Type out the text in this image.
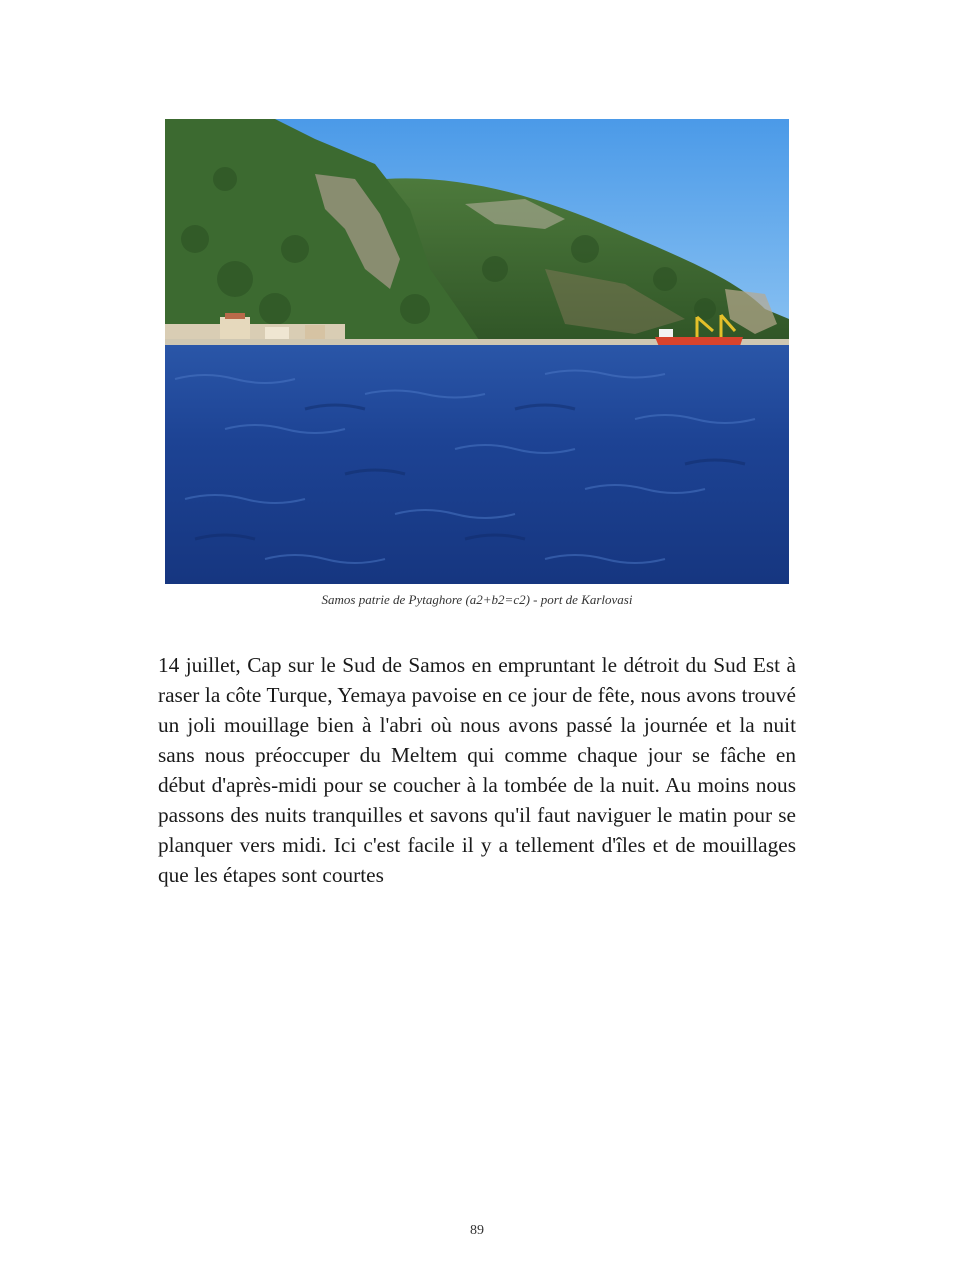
Samos patrie de Pytaghore (a2+b2=c2) - port de Karlovasi
14 juillet, Cap sur le Sud de Samos en empruntant le détroit du Sud Est à raser la côte Turque, Yemaya pavoise en ce jour de fête, nous avons trouvé un joli mouillage bien à l'abri où nous avons passé la journée et la nuit sans nous préoccuper du Meltem qui comme chaque jour se fâche en début d'après-midi pour se coucher à la tombée de la nuit. Au moins nous passons des nuits tranquilles et savons qu'il faut naviguer le matin pour se planquer vers midi. Ici c'est facile il y a tellement d'îles et de mouillages que les étapes sont courtes
89
